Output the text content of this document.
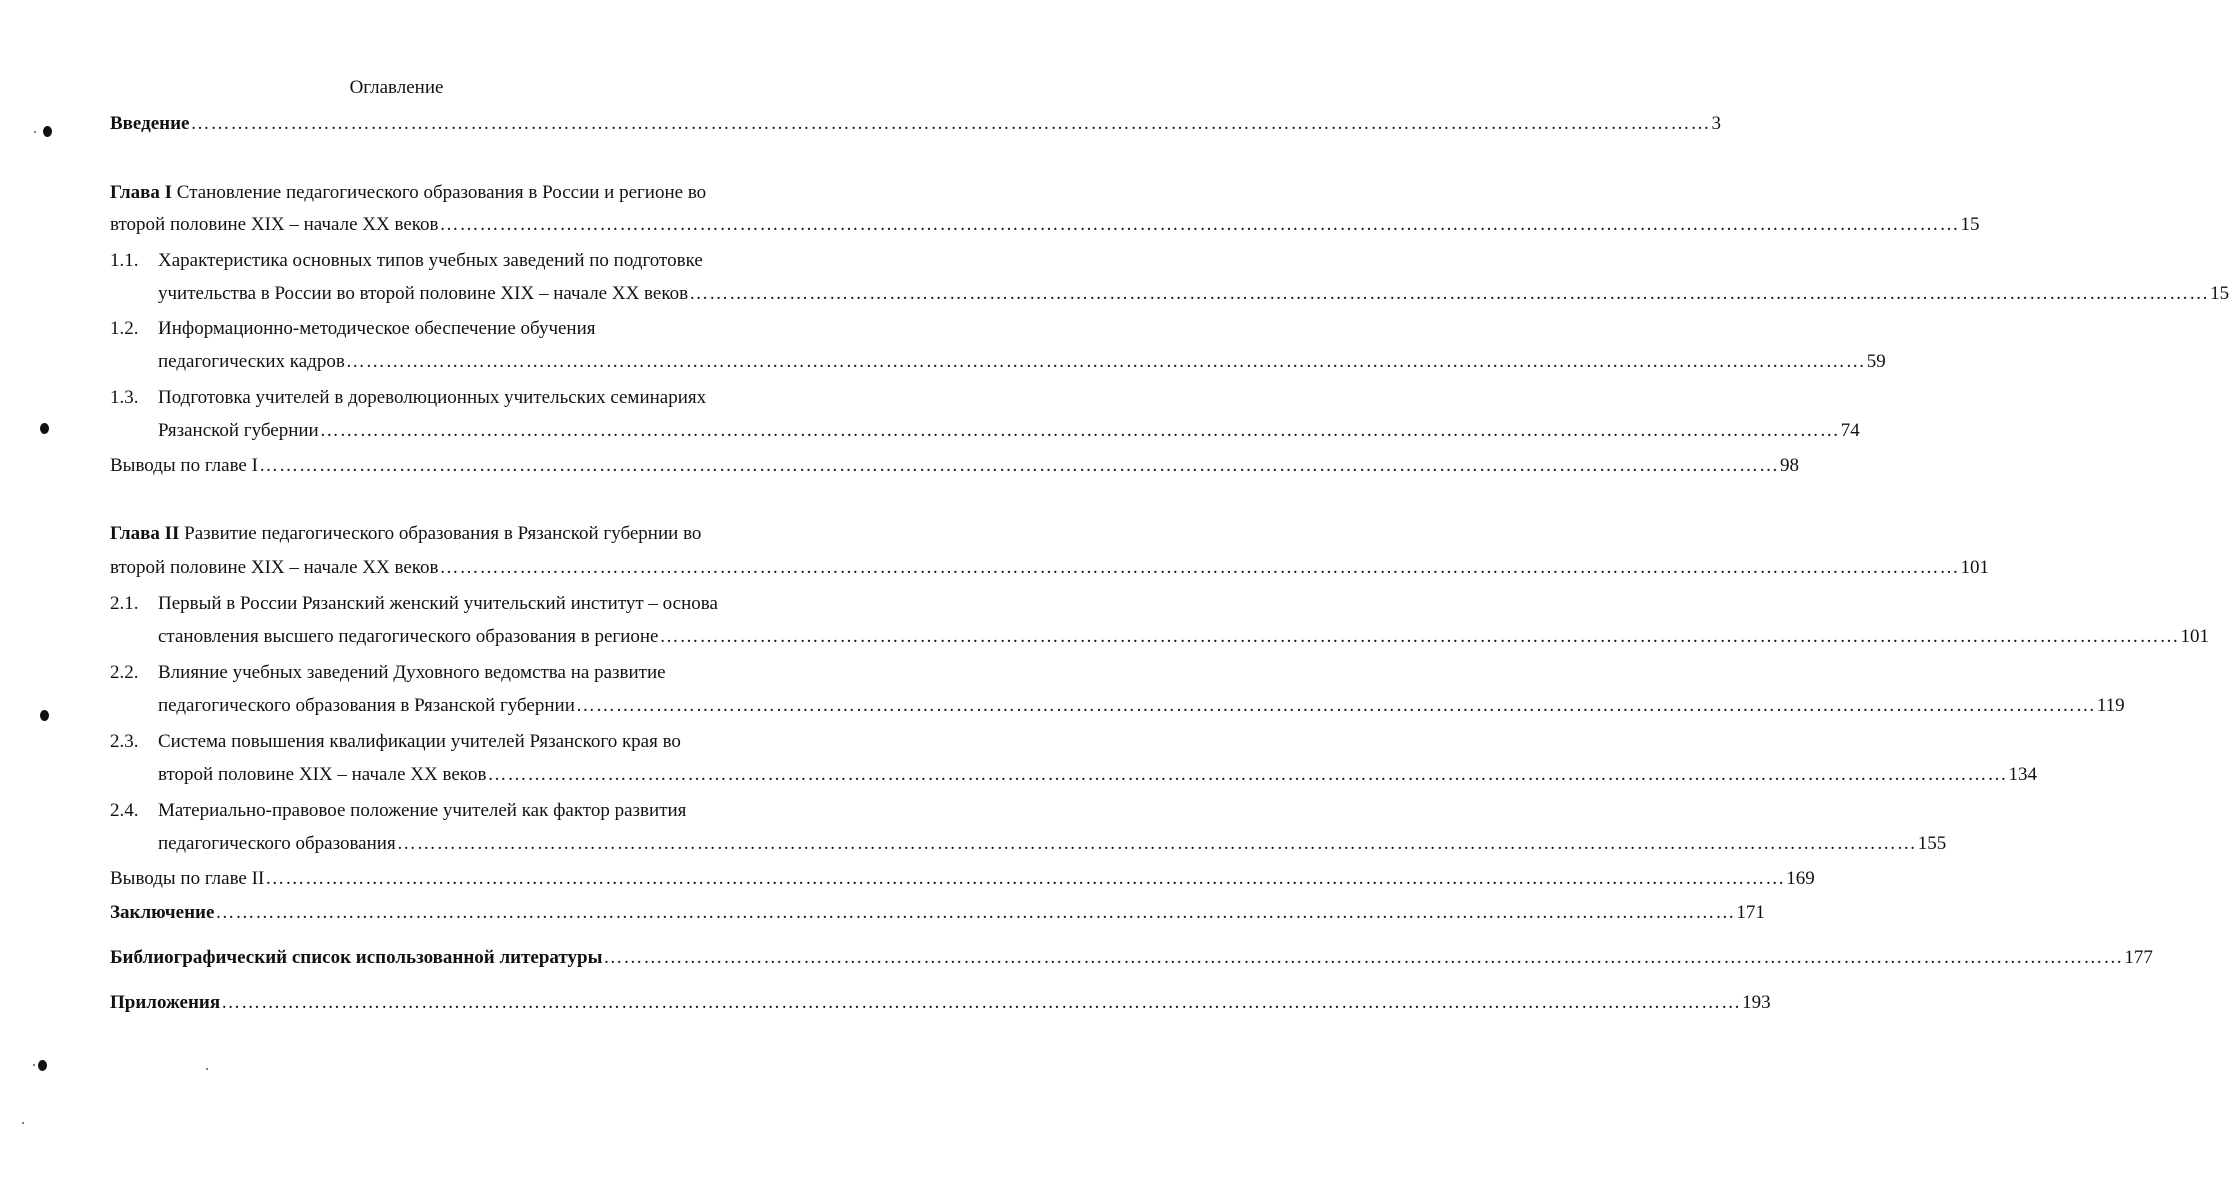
Оглавление
Введение ………………………………………………………………………………………………………………………………………………………………………………………………………… 3
Глава I Становление педагогического образования в России и регионе во
второй половине XIX – начале XX веков ………………………………………………………………………………………………………………………………………………………………………………………………………… 15
1.1.	Характеристика основных типов учебных заведений по подготовке
учительства в России во второй половине XIX – начале XX веков ………………………………………………………………………………………………………………………………………………………………………………………………………… 15
1.2.	Информационно-методическое обеспечение обучения
педагогических кадров ………………………………………………………………………………………………………………………………………………………………………………………………………… 59
1.3.	Подготовка учителей в дореволюционных учительских семинариях
Рязанской губернии ………………………………………………………………………………………………………………………………………………………………………………………………………… 74
Выводы по главе I ………………………………………………………………………………………………………………………………………………………………………………………………………… 98
Глава II Развитие педагогического образования в Рязанской губернии во
второй половине XIX – начале XX веков ………………………………………………………………………………………………………………………………………………………………………………………………………… 101
2.1.	Первый в России Рязанский женский учительский институт – основа
становления высшего педагогического образования в регионе ………………………………………………………………………………………………………………………………………………………………………………………………………… 101
2.2.	Влияние учебных заведений Духовного ведомства на развитие
педагогического образования в Рязанской губернии ………………………………………………………………………………………………………………………………………………………………………………………………………… 119
2.3.	Система повышения квалификации учителей Рязанского края во
второй половине XIX – начале XX веков ………………………………………………………………………………………………………………………………………………………………………………………………………… 134
2.4.	Материально-правовое положение учителей как фактор развития
педагогического образования ………………………………………………………………………………………………………………………………………………………………………………………………………… 155
Выводы по главе II ………………………………………………………………………………………………………………………………………………………………………………………………………… 169
Заключение ………………………………………………………………………………………………………………………………………………………………………………………………………… 171
Библиографический список использованной литературы ………………………………………………………………………………………………………………………………………………………………………………………………………… 177
Приложения ………………………………………………………………………………………………………………………………………………………………………………………………………… 193
